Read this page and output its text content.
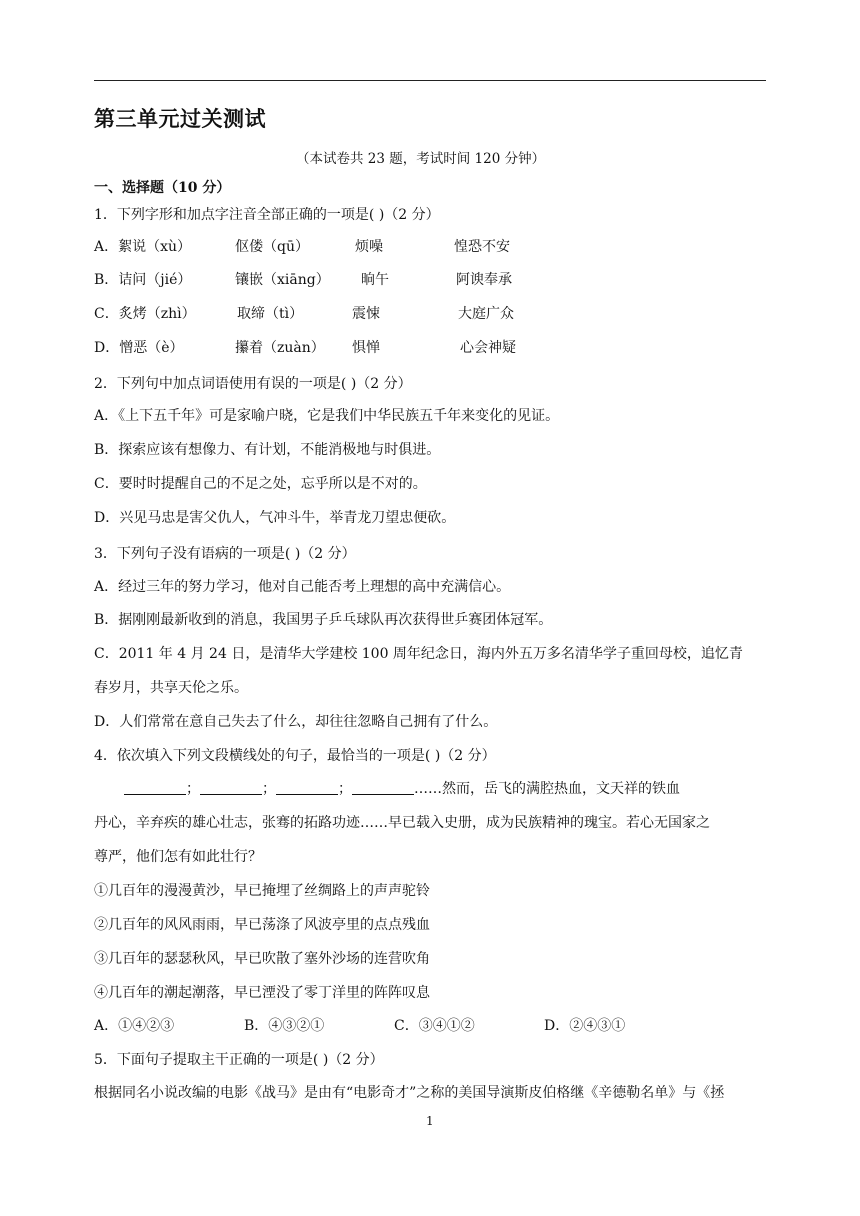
第三单元过关测试
（本试卷共 23 题，考试时间 120 分钟）
一、选择题（10 分）
1．下列字形和加点字注音全部正确的一项是( )（2 分）
A．絮说（xù）	伛偻（qū）	烦噪	惶恐不安
B．诘问（jié）	镶嵌（xiāng） 晌午	阿谀奉承
C．炙烤（zhì）	取缔（tì）	震悚	大庭广众
D．憎恶（è）	攥着（zuàn） 惧惮	心会神疑
2．下列句中加点词语使用有误的一项是( )（2 分）
A．《上下五千年》可是家喻户晓，它是我们中华民族五千年来变化的见证。
B．探索应该有想像力、有计划，不能消极地与时俱进。
C．要时时提醒自己的不足之处，忘乎所以是不对的。
D．兴见马忠是害父仇人，气冲斗牛，举青龙刀望忠便砍。
3．下列句子没有语病的一项是( )（2 分）
A．经过三年的努力学习，他对自己能否考上理想的高中充满信心。
B．据刚刚最新收到的消息，我国男子乒乓球队再次获得世乒赛团体冠军。
C．2011 年 4 月 24 日，是清华大学建校 100 周年纪念日，海内外五万多名清华学子重回母校，追忆青
春岁月，共享天伦之乐。
D．人们常常在意自己失去了什么，却往往忽略自己拥有了什么。
4．依次填入下列文段横线处的句子，最恰当的一项是( )（2 分）
；	；	；	……然而，岳飞的满腔热血，文天祥的铁血
丹心，辛弃疾的雄心壮志，张骞的拓路功迹……早已载入史册，成为民族精神的瑰宝。若心无国家之
尊严，他们怎有如此壮行？
①几百年的漫漫黄沙，早已掩埋了丝绸路上的声声驼铃
②几百年的风风雨雨，早已荡涤了风波亭里的点点残血
③几百年的瑟瑟秋风，早已吹散了塞外沙场的连营吹角
④几百年的潮起潮落，早已湮没了零丁洋里的阵阵叹息
A．①④②③	B．④③②①	C．③④①②	D．②④③①
5．下面句子提取主干正确的一项是( )（2 分）
根据同名小说改编的电影《战马》是由有“电影奇才”之称的美国导演斯皮伯格继《辛德勒名单》与《拯
1
